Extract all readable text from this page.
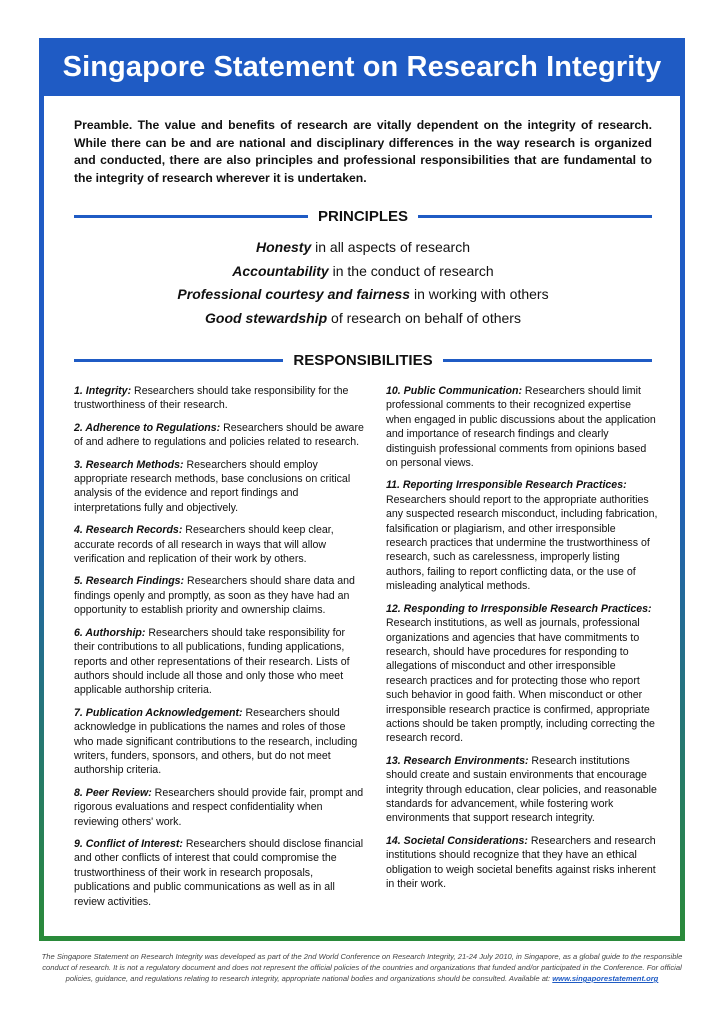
Singapore Statement on Research Integrity
Preamble. The value and benefits of research are vitally dependent on the integrity of research. While there can be and are national and disciplinary differences in the way research is organized and conducted, there are also principles and professional responsibilities that are fundamental to the integrity of research wherever it is undertaken.
PRINCIPLES
Honesty in all aspects of research
Accountability in the conduct of research
Professional courtesy and fairness in working with others
Good stewardship of research on behalf of others
RESPONSIBILITIES
1. Integrity: Researchers should take responsibility for the trustworthiness of their research.
2. Adherence to Regulations: Researchers should be aware of and adhere to regulations and policies related to research.
3. Research Methods: Researchers should employ appropriate research methods, base conclusions on critical analysis of the evidence and report findings and interpretations fully and objectively.
4. Research Records: Researchers should keep clear, accurate records of all research in ways that will allow verification and replication of their work by others.
5. Research Findings: Researchers should share data and findings openly and promptly, as soon as they have had an opportunity to establish priority and ownership claims.
6. Authorship: Researchers should take responsibility for their contributions to all publications, funding applications, reports and other representations of their research. Lists of authors should include all those and only those who meet applicable authorship criteria.
7. Publication Acknowledgement: Researchers should acknowledge in publications the names and roles of those who made significant contributions to the research, including writers, funders, sponsors, and others, but do not meet authorship criteria.
8. Peer Review: Researchers should provide fair, prompt and rigorous evaluations and respect confidentiality when reviewing others' work.
9. Conflict of Interest: Researchers should disclose financial and other conflicts of interest that could compromise the trustworthiness of their work in research proposals, publications and public communications as well as in all review activities.
10. Public Communication: Researchers should limit professional comments to their recognized expertise when engaged in public discussions about the application and importance of research findings and clearly distinguish professional comments from opinions based on personal views.
11. Reporting Irresponsible Research Practices: Researchers should report to the appropriate authorities any suspected research misconduct, including fabrication, falsification or plagiarism, and other irresponsible research practices that undermine the trustworthiness of research, such as carelessness, improperly listing authors, failing to report conflicting data, or the use of misleading analytical methods.
12. Responding to Irresponsible Research Practices: Research institutions, as well as journals, professional organizations and agencies that have commitments to research, should have procedures for responding to allegations of misconduct and other irresponsible research practices and for protecting those who report such behavior in good faith. When misconduct or other irresponsible research practice is confirmed, appropriate actions should be taken promptly, including correcting the research record.
13. Research Environments: Research institutions should create and sustain environments that encourage integrity through education, clear policies, and reasonable standards for advancement, while fostering work environments that support research integrity.
14. Societal Considerations: Researchers and research institutions should recognize that they have an ethical obligation to weigh societal benefits against risks inherent in their work.
The Singapore Statement on Research Integrity was developed as part of the 2nd World Conference on Research Integrity, 21-24 July 2010, in Singapore, as a global guide to the responsible conduct of research. It is not a regulatory document and does not represent the official policies of the countries and organizations that funded and/or participated in the Conference. For official policies, guidance, and regulations relating to research integrity, appropriate national bodies and organizations should be consulted. Available at: www.singaporestatement.org
